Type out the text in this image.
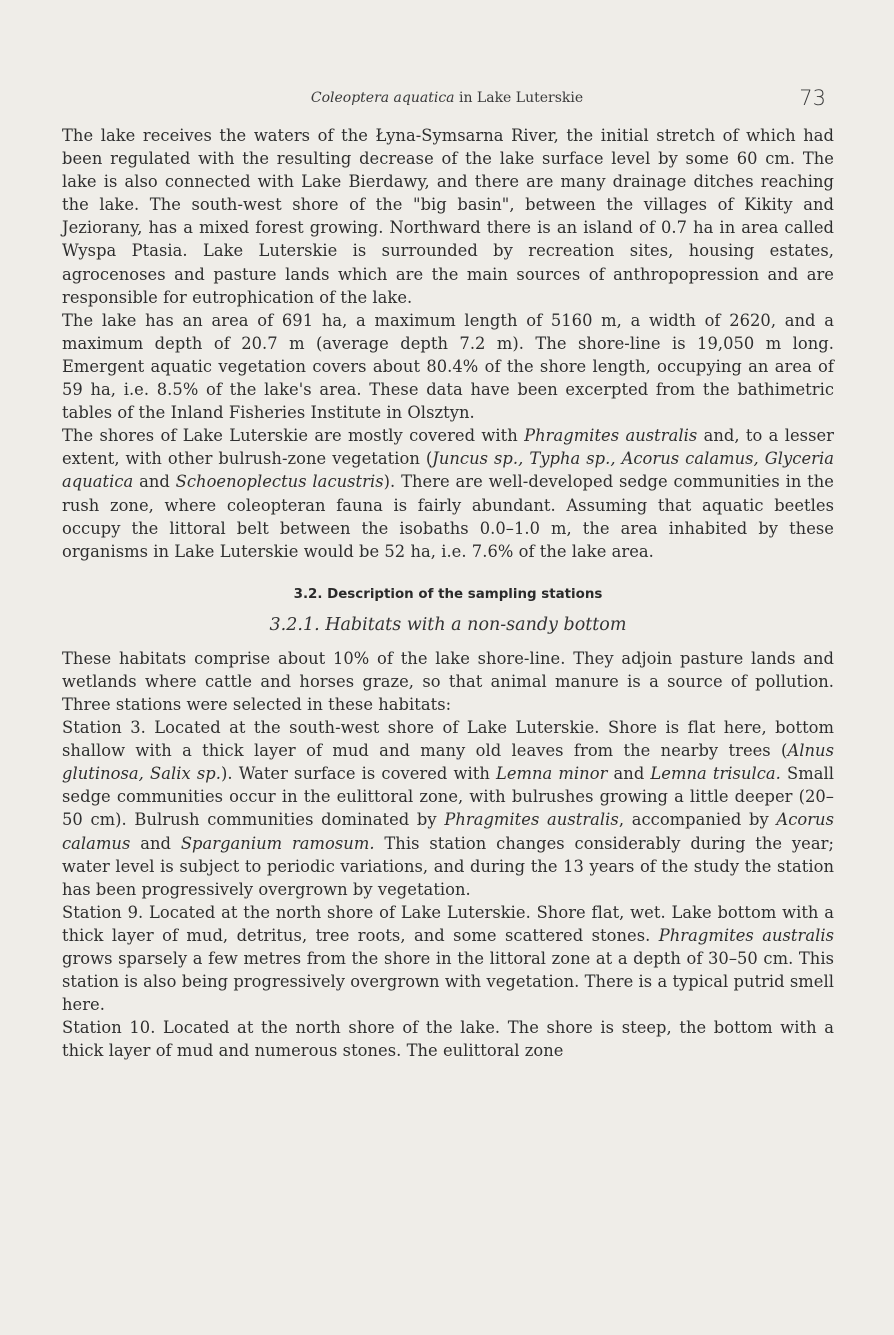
Coleoptera aquatica in Lake Luterskie	73

The lake receives the waters of the Łyna-Symsarna River, the initial stretch of which had been regulated with the resulting decrease of the lake surface level by some 60 cm. The lake is also connected with Lake Bierdawy, and there are many drainage ditches reaching the lake. The south-west shore of the "big basin", between the villages of Kikity and Jeziorany, has a mixed forest growing. Northward there is an island of 0.7 ha in area called Wyspa Ptasia. Lake Luterskie is surrounded by recreation sites, housing estates, agrocenoses and pasture lands which are the main sources of anthropopression and are responsible for eutrophication of the lake.

The lake has an area of 691 ha, a maximum length of 5160 m, a width of 2620, and a maximum depth of 20.7 m (average depth 7.2 m). The shore-line is 19,050 m long. Emergent aquatic vegetation covers about 80.4% of the shore length, occupying an area of 59 ha, i.e. 8.5% of the lake's area. These data have been excerpted from the bathimetric tables of the Inland Fisheries Institute in Olsztyn.

The shores of Lake Luterskie are mostly covered with Phragmites australis and, to a lesser extent, with other bulrush-zone vegetation (Juncus sp., Typha sp., Acorus calamus, Glyceria aquatica and Schoenoplectus lacustris). There are well-developed sedge communities in the rush zone, where coleopteran fauna is fairly abundant. Assuming that aquatic beetles occupy the littoral belt between the isobaths 0.0–1.0 m, the area inhabited by these organisms in Lake Luterskie would be 52 ha, i.e. 7.6% of the lake area.

3.2. Description of the sampling stations
3.2.1. Habitats with a non-sandy bottom

These habitats comprise about 10% of the lake shore-line. They adjoin pasture lands and wetlands where cattle and horses graze, so that animal manure is a source of pollution. Three stations were selected in these habitats:

Station 3. Located at the south-west shore of Lake Luterskie. Shore is flat here, bottom shallow with a thick layer of mud and many old leaves from the nearby trees (Alnus glutinosa, Salix sp.). Water surface is covered with Lemna minor and Lemna trisulca. Small sedge communities occur in the eulittoral zone, with bulrushes growing a little deeper (20–50 cm). Bulrush communities dominated by Phragmites australis, accompanied by Acorus calamus and Sparganium ramosum. This station changes considerably during the year; water level is subject to periodic variations, and during the 13 years of the study the station has been progressively overgrown by vegetation.

Station 9. Located at the north shore of Lake Luterskie. Shore flat, wet. Lake bottom with a thick layer of mud, detritus, tree roots, and some scattered stones. Phragmites australis grows sparsely a few metres from the shore in the littoral zone at a depth of 30–50 cm. This station is also being progressively overgrown with vegetation. There is a typical putrid smell here.

Station 10. Located at the north shore of the lake. The shore is steep, the bottom with a thick layer of mud and numerous stones. The eulittoral zone
